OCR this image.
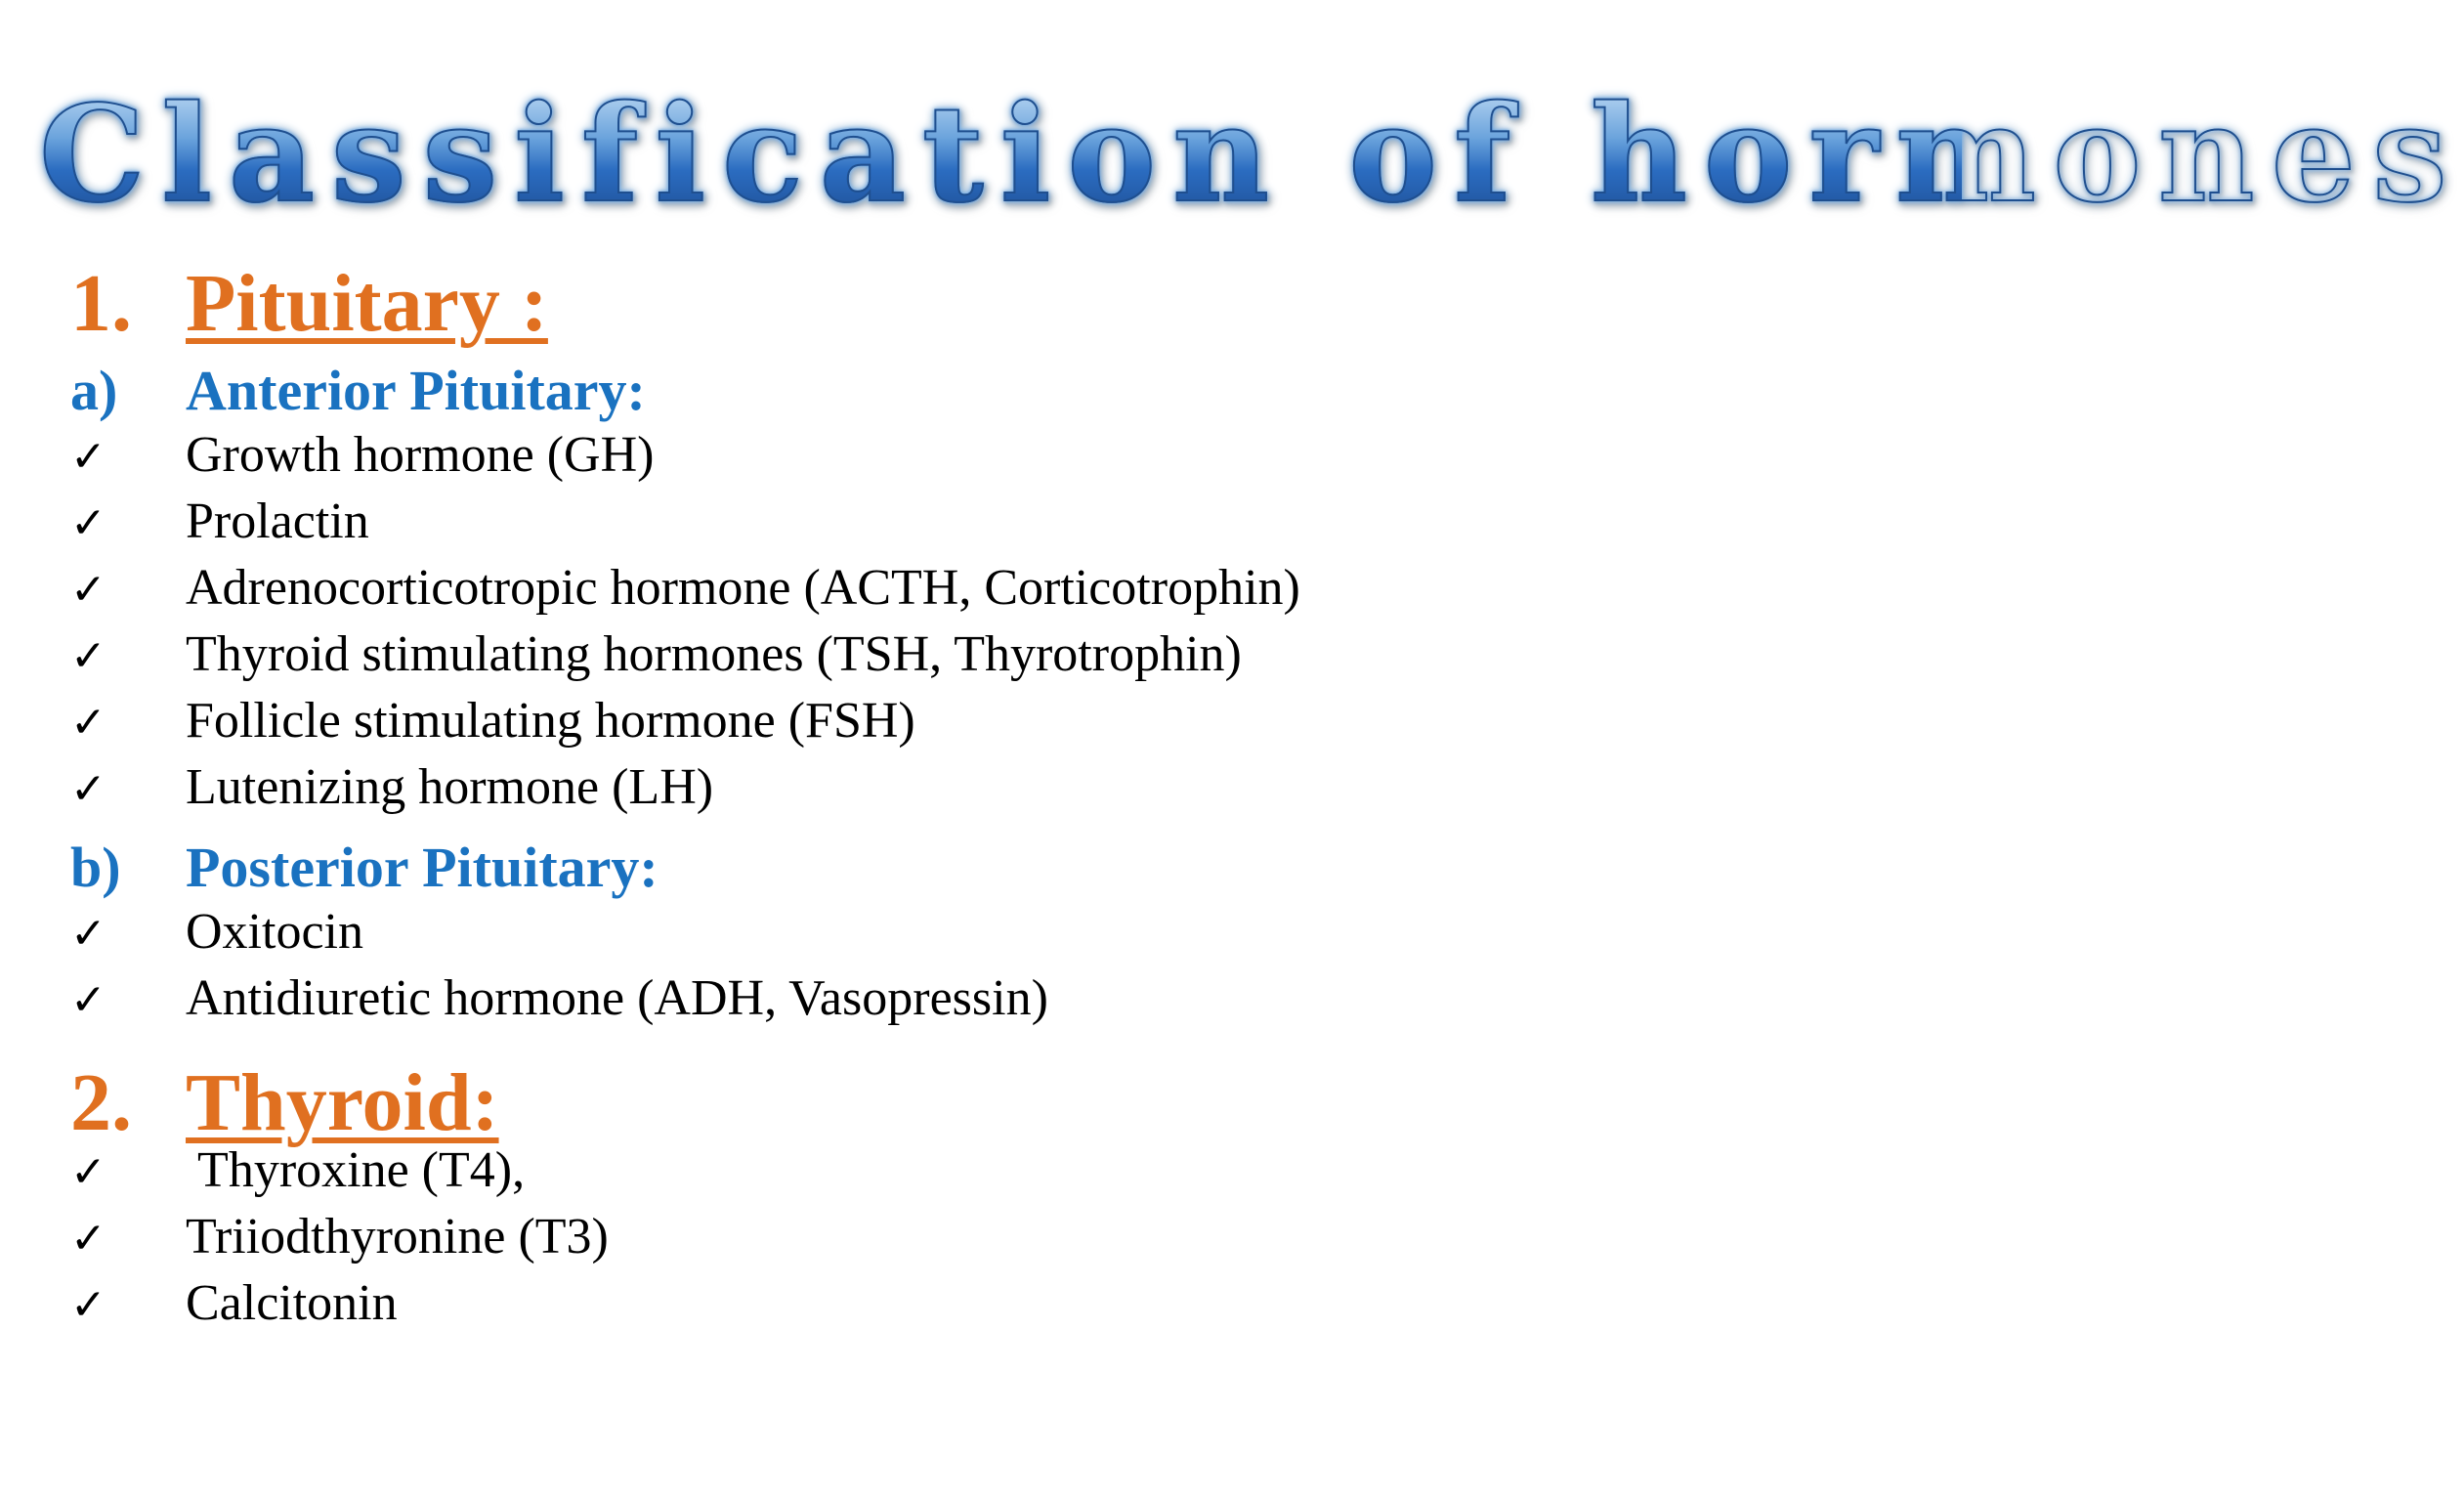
Classification of hormones
1. Pituitary :
a)	Anterior Pituitary:
✓	Growth hormone (GH)
✓	Prolactin
✓	Adrenocorticotropic hormone (ACTH, Corticotrophin)
✓	Thyroid stimulating hormones (TSH, Thyrotrophin)
✓	Follicle stimulating hormone (FSH)
✓	Lutenizing hormone (LH)
b)	Posterior Pituitary:
✓	Oxitocin
✓	Antidiuretic hormone (ADH, Vasopressin)
2. Thyroid:
✓	Thyroxine (T4),
✓	Triiodthyronine (T3)
✓	Calcitonin
